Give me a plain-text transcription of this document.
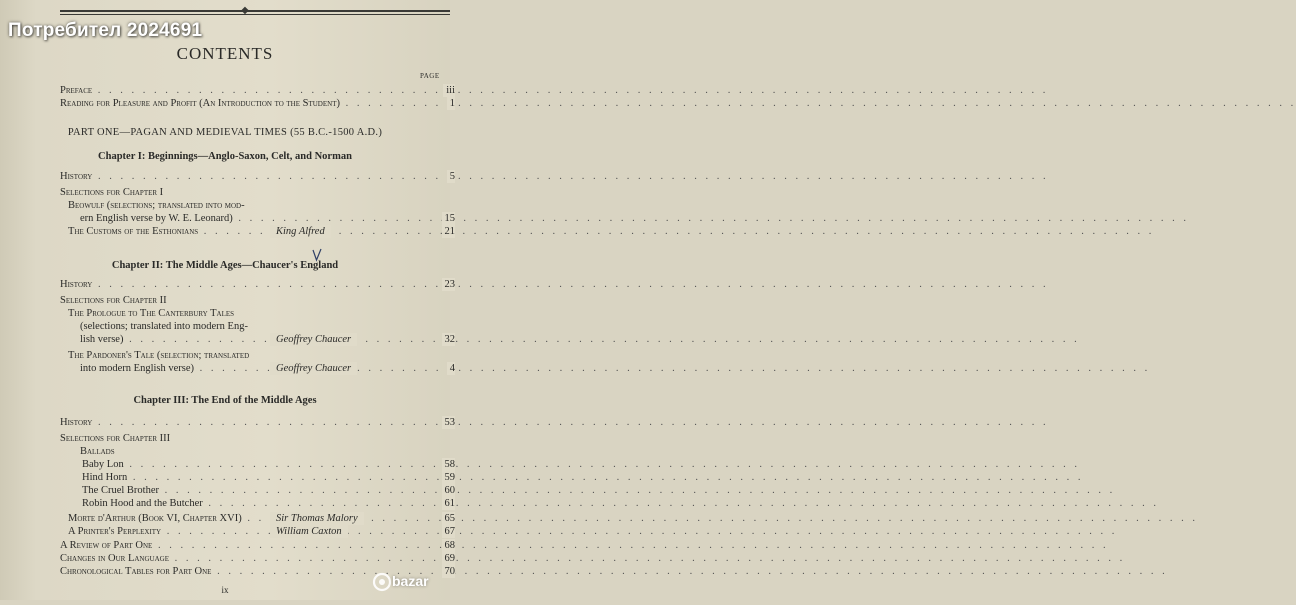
◆
Потребител 2024691
CONTENTS
PAGE
Preface . . .	iii
Reading for Pleasure and Profit (An Introduction to the Student) . . .	1
PART ONE—PAGAN AND MEDIEVAL TIMES (55 B.C.-1500 A.D.)
Chapter I: Beginnings—Anglo-Saxon, Celt, and Norman
History . . .	5
Selections for Chapter I
Beowulf (selections; translated into mod-
ern English verse by W. E. Leonard) . . .	15
The Customs of the Esthonians . . .	King Alfred	21
Chapter II: The Middle Ages—Chaucer's England
History . . .	23
Selections for Chapter II
The Prologue to The Canterbury Tales
(selections; translated into modern Eng-
lish verse) . . .	Geoffrey Chaucer	32
The Pardoner's Tale (selection; translated
into modern English verse) . . .	Geoffrey Chaucer	4
Chapter III: The End of the Middle Ages
History . . .	53
Selections for Chapter III
Ballads
Baby Lon . . .	58
Hind Horn . . .	59
The Cruel Brother . . .	60
Robin Hood and the Butcher . . .	61
Morte d'Arthur (Book VI, Chapter XVI) . . .	Sir Thomas Malory	65
A Printer's Perplexity . . .	William Caxton	67
A Review of Part One . . .	68
Changes in Our Language . . .	69
Chronological Tables for Part One . . .	70
ix
bazar
